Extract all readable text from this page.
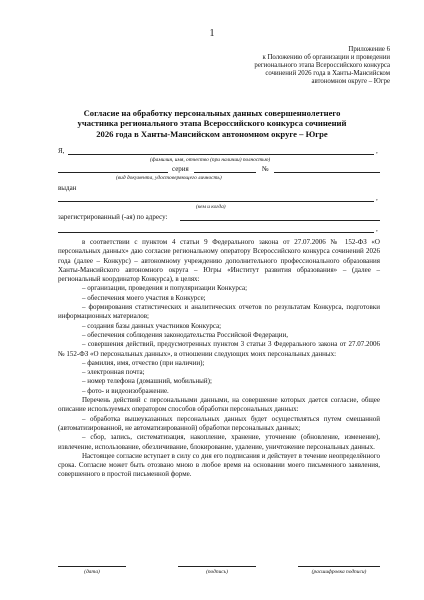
1
Приложение 6
к Положению об организации и проведении
регионального этапа Всероссийского конкурса
сочинений 2026 года в Ханты-Мансийском
автономном округе – Югре
Согласие на обработку персональных данных совершеннолетнего
участника регионального этапа Всероссийского конкурса сочинений
2026 года в Ханты-Мансийском автономном округе – Югре
Я,	,
(фамилия, имя, отчество (при наличии) полностью)
серия	№
(вид документа, удостоверяющего личность)
выдан
,
(кем и когда)
зарегистрированный (-ая) по адресу:
,

в соответствии с пунктом 4 статьи 9 Федерального закона от 27.07.2006 № 152-ФЗ «О персональных данных» даю согласие региональному оператору Всероссийского конкурса сочинений 2026 года (далее – Конкурс) – автономному учреждению дополнительного профессионального образования Ханты-Мансийского автономного округа – Югры «Институт развития образования» – (далее – региональный координатор Конкурса), в целях:

– организации, проведения и популяризации Конкурса;

– обеспечения моего участия в Конкурсе;

– формирования статистических и аналитических отчетов по результатам Конкурса, подготовки информационных материалов;

– создания базы данных участников Конкурса;

– обеспечения соблюдения законодательства Российской Федерации,

– совершения действий, предусмотренных пунктом 3 статьи 3 Федерального закона от 27.07.2006 № 152-ФЗ «О персональных данных», в отношении следующих моих персональных данных:

– фамилия, имя, отчество (при наличии);

– электронная почта;

– номер телефона (домашний, мобильный);

– фото- и видеоизображение.

Перечень действий с персональными данными, на совершение которых дается согласие, общее описание используемых оператором способов обработки персональных данных:

– обработка вышеуказанных персональных данных будет осуществляться путем смешанной (автоматизированной, не автоматизированной) обработки персональных данных;

– сбор, запись, систематизация, накопление, хранение, уточнение (обновление, изменение), извлечение, использование, обезличивание, блокирование, удаление, уничтожение персональных данных.

Настоящее согласие вступает в силу со дня его подписания и действует в течение неопределённого срока. Согласие может быть отозвано мною в любое время на основании моего письменного заявления, совершенного в простой письменной форме.

(дата)	(подпись)	(расшифровка подписи)
